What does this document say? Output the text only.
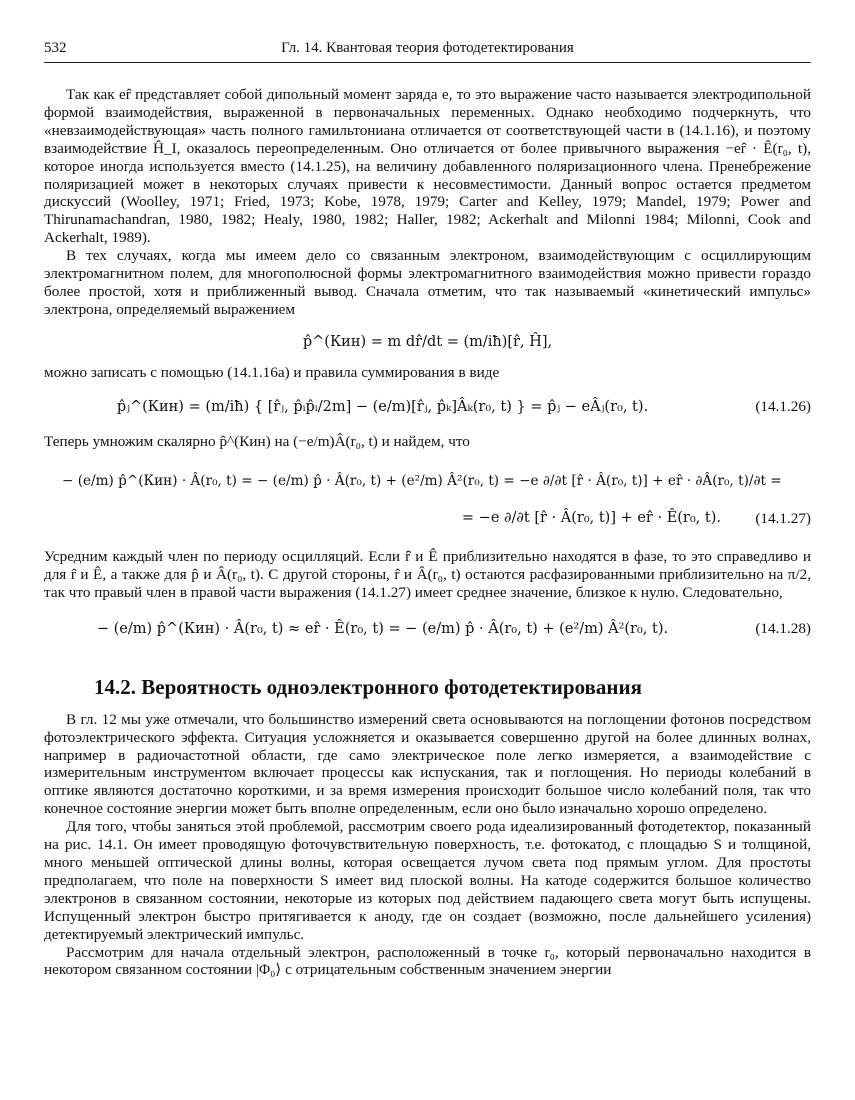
532	Гл. 14. Квантовая теория фотодетектирования

Так как er̂ представляет собой дипольный момент заряда e, то это выражение часто называется электродипольной формой взаимодействия, выраженной в первоначальных переменных. Однако необходимо подчеркнуть, что «невзаимодействующая» часть полного гамильтониана отличается от соответствующей части в (14.1.16), и поэтому взаимодействие Ĥ_I, оказалось переопределенным. Оно отличается от более привычного выражения −er̂ · Ê(r₀, t), которое иногда используется вместо (14.1.25), на величину добавленного поляризационного члена. Пренебрежение поляризацией может в некоторых случаях привести к несовместимости. Данный вопрос остается предметом дискуссий (Woolley, 1971; Fried, 1973; Kobe, 1978, 1979; Carter and Kelley, 1979; Mandel, 1979; Power and Thirunamachandran, 1980, 1982; Healy, 1980, 1982; Haller, 1982; Ackerhalt and Milonni 1984; Milonni, Cook and Ackerhalt, 1989).

В тех случаях, когда мы имеем дело со связанным электроном, взаимодействующим с осциллирующим электромагнитном полем, для многополюсной формы электромагнитного взаимодействия можно привести гораздо более простой, хотя и приближенный вывод. Сначала отметим, что так называемый «кинетический импульс» электрона, определяемый выражением

p̂^(Кин) = m dr̂/dt = (m/iħ)[r̂, Ĥ],

можно записать с помощью (14.1.16а) и правила суммирования в виде

p̂ⱼ^(Кин) = (m/iħ) { [r̂ⱼ, p̂ᵢp̂ᵢ/2m] − (e/m)[r̂ⱼ, p̂ₖ]Âₖ(r₀, t) } = p̂ⱼ − eÂⱼ(r₀, t).	(14.1.26)

Теперь умножим скалярно p̂^(Кин) на (−e/m)Â(r₀, t) и найдем, что

− (e/m) p̂^(Кин) · Â(r₀, t) = − (e/m) p̂ · Â(r₀, t) + (e²/m) Â²(r₀, t) = −e ∂/∂t [r̂ · Â(r₀, t)] + er̂ · ∂Â(r₀, t)/∂t =
= −e ∂/∂t [r̂ · Â(r₀, t)] + er̂ · Ê(r₀, t).	(14.1.27)

Усредним каждый член по периоду осцилляций. Если r̂̈ и Ê приблизительно находятся в фазе, то это справедливо и для r̂ и Ê, а также для p̂ и Â(r₀, t). С другой стороны, r̂ и Â(r₀, t) остаются расфазированными приблизительно на π/2, так что правый член в правой части выражения (14.1.27) имеет среднее значение, близкое к нулю. Следовательно,

− (e/m) p̂^(Кин) · Â(r₀, t) ≈ er̂ · Ê(r₀, t) = − (e/m) p̂ · Â(r₀, t) + (e²/m) Â²(r₀, t).	(14.1.28)
14.2. Вероятность одноэлектронного фотодетектирования

В гл. 12 мы уже отмечали, что большинство измерений света основываются на поглощении фотонов посредством фотоэлектрического эффекта. Ситуация усложняется и оказывается совершенно другой на более длинных волнах, например в радиочастотной области, где само электрическое поле легко измеряется, а взаимодействие с измерительным инструментом включает процессы как испускания, так и поглощения. Но периоды колебаний в оптике являются достаточно короткими, и за время измерения происходит большое число колебаний поля, так что конечное состояние энергии может быть вполне определенным, если оно было изначально хорошо определено.

Для того, чтобы заняться этой проблемой, рассмотрим своего рода идеализированный фотодетектор, показанный на рис. 14.1. Он имеет проводящую фоточувствительную поверхность, т.е. фотокатод, с площадью S и толщиной, много меньшей оптической длины волны, которая освещается лучом света под прямым углом. Для простоты предполагаем, что поле на поверхности S имеет вид плоской волны. На катоде содержится большое количество электронов в связанном состоянии, некоторые из которых под действием падающего света могут быть испущены. Испущенный электрон быстро притягивается к аноду, где он создает (возможно, после дальнейшего усиления) детектируемый электрический импульс.

Рассмотрим для начала отдельный электрон, расположенный в точке r₀, который первоначально находится в некотором связанном состоянии |Φ₀⟩ с отрицательным собственным значением энергии
